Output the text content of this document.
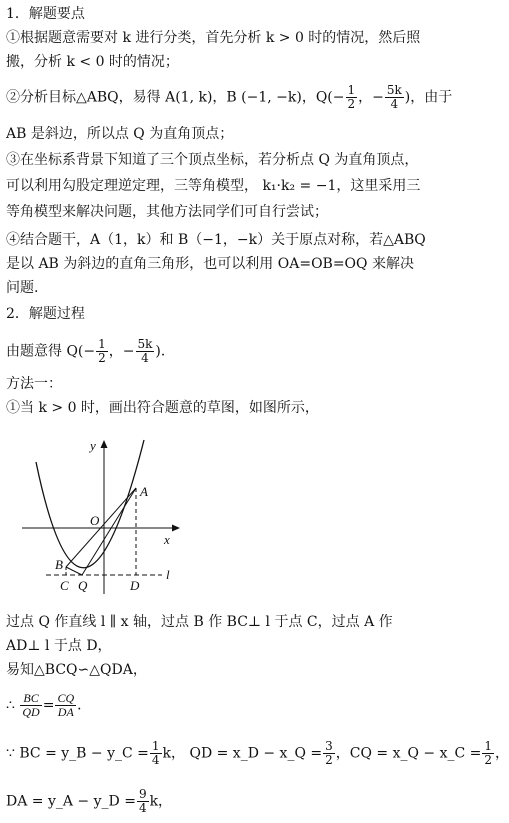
1．解题要点
①根据题意需要对 k 进行分类，首先分析 k > 0 时的情况，然后照
搬，分析 k < 0 时的情况；
②分析目标△ABQ，易得 A(1, k)，B (−1, −k)，$Q(- \frac{1}{2}$ ，− $\frac{5k}{4}$ )，由于
AB 是斜边，所以点 Q 为直角顶点；
③在坐标系背景下知道了三个顶点坐标，若分析点 Q 为直角顶点，
可以利用勾股定理逆定理，三等角模型， k₁·k₂ = −1，这里采用三
等角模型来解决问题，其他方法同学们可自行尝试；
④结合题干，A（1，k）和 B（−1，−k）关于原点对称，若△ABQ
是以 AB 为斜边的直角三角形，也可以利用 OA=OB=OQ 来解决
问题.
2．解题过程
由题意得 $Q(- \frac{1}{2}$ ，− $\frac{5k}{4}$ )．
方法一：
①当 k > 0 时，画出符合题意的草图，如图所示，
y
x
O
A
B
C Q	D
l
过点 Q 作直线 l ∥ x 轴，过点 B 作 BC⊥ l 于点 C，过点 A 作
AD⊥ l 于点 D，
易知△BCQ∽△QDA，
∴ $\frac{BC}{QD} = \frac{CQ}{DA}$ ．
∵ BC = y_B − y_C = $\frac{1}{4}$ k， QD = x_D − x_Q = $\frac{3}{2}$ ，CQ = x_Q − x_C = $\frac{1}{2}$ ，
DA = y_A − y_D = $\frac{9}{4}$ k，
